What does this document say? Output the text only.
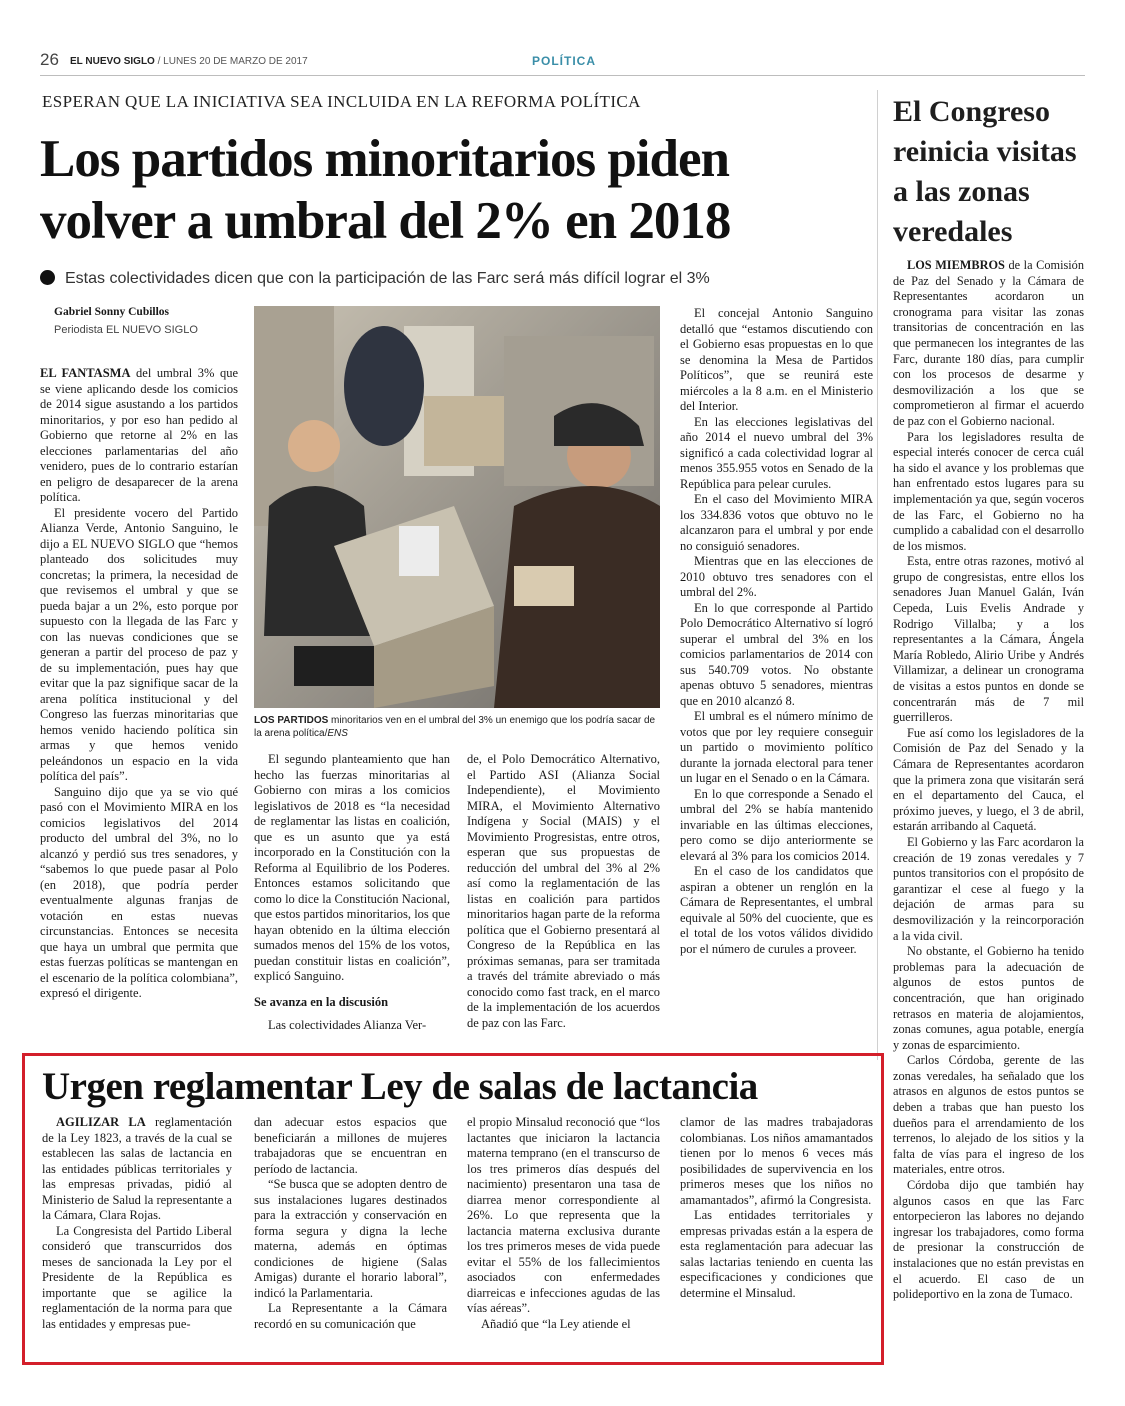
26 EL NUEVO SIGLO / LUNES 20 DE MARZO DE 2017	POLÍTICA
ESPERAN QUE LA INICIATIVA SEA INCLUIDA EN LA REFORMA POLÍTICA
Los partidos minoritarios piden volver a umbral del 2% en 2018
Estas colectividades dicen que con la participación de las Farc será más difícil lograr el 3%
Gabriel Sonny Cubillos
Periodista EL NUEVO SIGLO

EL FANTASMA del umbral 3% que se viene aplicando desde los comicios de 2014 sigue asustando a los partidos minoritarios, y por eso han pedido al Gobierno que retorne al 2% en las elecciones parlamentarias del año venidero, pues de lo contrario estarían en peligro de desaparecer de la arena política.

El presidente vocero del Partido Alianza Verde, Antonio Sanguino, le dijo a EL NUEVO SIGLO que “hemos planteado dos solicitudes muy concretas; la primera, la necesidad de que revisemos el umbral y que se pueda bajar a un 2%, esto porque por supuesto con la llegada de las Farc y con las nuevas condiciones que se generan a partir del proceso de paz y de su implementación, pues hay que evitar que la paz signifique sacar de la arena política institucional y del Congreso las fuerzas minoritarias que hemos venido haciendo política sin armas y que hemos venido peleándonos un espacio en la vida política del país”.

Sanguino dijo que ya se vio qué pasó con el Movimiento MIRA en los comicios legislativos del 2014 producto del umbral del 3%, no lo alcanzó y perdió sus tres senadores, y “sabemos lo que puede pasar al Polo (en 2018), que podría perder eventualmente algunas franjas de votación en estas nuevas circunstancias. Entonces se necesita que haya un umbral que permita que estas fuerzas políticas se mantengan en el escenario de la política colombiana”, expresó el dirigente.

LOS PARTIDOS minoritarios ven en el umbral del 3% un enemigo que los podría sacar de la arena política/ENS

El segundo planteamiento que han hecho las fuerzas minoritarias al Gobierno con miras a los comicios legislativos de 2018 es “la necesidad de reglamentar las listas en coalición, que es un asunto que ya está incorporado en la Constitución con la Reforma al Equilibrio de los Poderes. Entonces estamos solicitando que como lo dice la Constitución Nacional, que estos partidos minoritarios, los que hayan obtenido en la última elección sumados menos del 15% de los votos, puedan constituir listas en coalición”, explicó Sanguino.

Se avanza en la discusión

Las colectividades Alianza Ver-

de, el Polo Democrático Alternativo, el Partido ASI (Alianza Social Independiente), el Movimiento MIRA, el Movimiento Alternativo Indígena y Social (MAIS) y el Movimiento Progresistas, entre otros, esperan que sus propuestas de reducción del umbral del 3% al 2% así como la reglamentación de las listas en coalición para partidos minoritarios hagan parte de la reforma política que el Gobierno presentará al Congreso de la República en las próximas semanas, para ser tramitada a través del trámite abreviado o más conocido como fast track, en el marco de la implementación de los acuerdos de paz con las Farc.

El concejal Antonio Sanguino detalló que “estamos discutiendo con el Gobierno esas propuestas en lo que se denomina la Mesa de Partidos Políticos”, que se reunirá este miércoles a la 8 a.m. en el Ministerio del Interior.

En las elecciones legislativas del año 2014 el nuevo umbral del 3% significó a cada colectividad lograr al menos 355.955 votos en Senado de la República para pelear curules.

En el caso del Movimiento MIRA los 334.836 votos que obtuvo no le alcanzaron para el umbral y por ende no consiguió senadores.

Mientras que en las elecciones de 2010 obtuvo tres senadores con el umbral del 2%.

En lo que corresponde al Partido Polo Democrático Alternativo sí logró superar el umbral del 3% en los comicios parlamentarios de 2014 con sus 540.709 votos. No obstante apenas obtuvo 5 senadores, mientras que en 2010 alcanzó 8.

El umbral es el número mínimo de votos que por ley requiere conseguir un partido o movimiento político durante la jornada electoral para tener un lugar en el Senado o en la Cámara.

En lo que corresponde a Senado el umbral del 2% se había mantenido invariable en las últimas elecciones, pero como se dijo anteriormente se elevará al 3% para los comicios 2014.

En el caso de los candidatos que aspiran a obtener un renglón en la Cámara de Representantes, el umbral equivale al 50% del cuociente, que es el total de los votos válidos dividido por el número de curules a proveer.

El Congreso reinicia visitas a las zonas veredales

LOS MIEMBROS de la Comisión de Paz del Senado y la Cámara de Representantes acordaron un cronograma para visitar las zonas transitorias de concentración en las que permanecen los integrantes de las Farc, durante 180 días, para cumplir con los procesos de desarme y desmovilización a los que se comprometieron al firmar el acuerdo de paz con el Gobierno nacional.

Para los legisladores resulta de especial interés conocer de cerca cuál ha sido el avance y los problemas que han enfrentado estos lugares para su implementación ya que, según voceros de las Farc, el Gobierno no ha cumplido a cabalidad con el desarrollo de los mismos.

Esta, entre otras razones, motivó al grupo de congresistas, entre ellos los senadores Juan Manuel Galán, Iván Cepeda, Luis Evelis Andrade y Rodrigo Villalba; y a los representantes a la Cámara, Ángela María Robledo, Alirio Uribe y Andrés Villamizar, a delinear un cronograma de visitas a estos puntos en donde se concentrarán más de 7 mil guerrilleros.

Fue así como los legisladores de la Comisión de Paz del Senado y la Cámara de Representantes acordaron que la primera zona que visitarán será en el departamento del Cauca, el próximo jueves, y luego, el 3 de abril, estarán arribando al Caquetá.

El Gobierno y las Farc acordaron la creación de 19 zonas veredales y 7 puntos transitorios con el propósito de garantizar el cese al fuego y la dejación de armas para su desmovilización y la reincorporación a la vida civil.

No obstante, el Gobierno ha tenido problemas para la adecuación de algunos de estos puntos de concentración, que han originado retrasos en materia de alojamientos, zonas comunes, agua potable, energía y zonas de esparcimiento.

Carlos Córdoba, gerente de las zonas veredales, ha señalado que los atrasos en algunos de estos puntos se deben a trabas que han puesto los dueños para el arrendamiento de los terrenos, lo alejado de los sitios y la falta de vías para el ingreso de los materiales, entre otros.

Córdoba dijo que también hay algunos casos en que las Farc entorpecieron las labores no dejando ingresar los trabajadores, como forma de presionar la construcción de instalaciones que no están previstas en el acuerdo. El caso de un polideportivo en la zona de Tumaco.

Urgen reglamentar Ley de salas de lactancia

AGILIZAR LA reglamentación de la Ley 1823, a través de la cual se establecen las salas de lactancia en las entidades públicas territoriales y las empresas privadas, pidió al Ministerio de Salud la representante a la Cámara, Clara Rojas.

La Congresista del Partido Liberal consideró que transcurridos dos meses de sancionada la Ley por el Presidente de la República es importante que se agilice la reglamentación de la norma para que las entidades y empresas pue-

dan adecuar estos espacios que beneficiarán a millones de mujeres trabajadoras que se encuentran en período de lactancia.

“Se busca que se adopten dentro de sus instalaciones lugares destinados para la extracción y conservación en forma segura y digna la leche materna, además en óptimas condiciones de higiene (Salas Amigas) durante el horario laboral”, indicó la Parlamentaria.

La Representante a la Cámara recordó en su comunicación que

el propio Minsalud reconoció que “los lactantes que iniciaron la lactancia materna temprano (en el transcurso de los tres primeros días después del nacimiento) presentaron una tasa de diarrea menor correspondiente al 26%. Lo que representa que la lactancia materna exclusiva durante los tres primeros meses de vida puede evitar el 55% de los fallecimientos asociados con enfermedades diarreicas e infecciones agudas de las vías aéreas”.

Añadió que “la Ley atiende el

clamor de las madres trabajadoras colombianas. Los niños amamantados tienen por lo menos 6 veces más posibilidades de supervivencia en los primeros meses que los niños no amamantados”, afirmó la Congresista.

Las entidades territoriales y empresas privadas están a la espera de esta reglamentación para adecuar las salas lactarias teniendo en cuenta las especificaciones y condiciones que determine el Minsalud.
